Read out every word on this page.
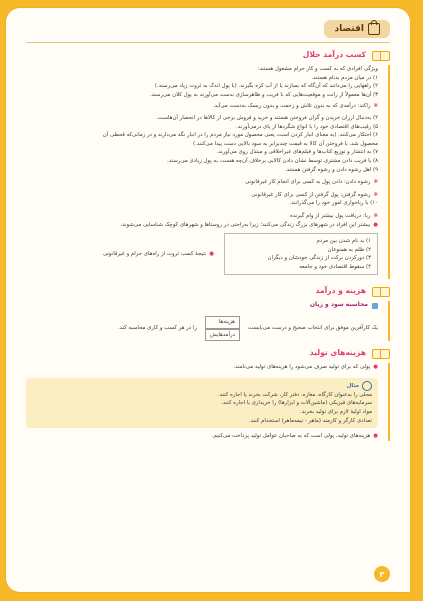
اقتصاد
کسب درآمد حلال
ویژگی افرادی که به کسب و کار حرام مشغول هستند:
۱) در میان مردم بدنام هستند.
۲) راههایی را می‌دانند که آن‌گاه که بسازند یا از آب کره بگیرند. (با پول اندک به ثروت زیاد می‌رسند.)
۳) آن‌ها معمولاً از رانت و موقعیت‌هایی که با فریب و ظاهرسازی بدست می‌آورند به پول کلان می‌رسند.
❋راکتد: درآمدی که به بدون تلاش و زحمت و بدون ریسک به‌دست می‌آید.
۴) به‌دنبال ارزان خریدن و گران فروختن هستند و خرید و فروش برخی از کالاها در انحصار آن‌هاست.
۵) رقیب‌های اقتصادی خود را با انواع شگردها از پای درمی‌آورند.
۶) احتکار می‌کنند. (به معنای انبار کردن است، یعنی محصول مورد نیاز مردم را در انبار نگه می‌دارند و در زمانی‌که قحطی آن
محصول شد، با فروختن آن کالا به قیمت چندبرابر به سود بالایی دست پیدا می‌کنند.)
۷) به انتشار و توزیع کتاب‌ها و فیلم‌های غیراخلاقی و مبتذل روی می‌آورند.
۸) با فریب دادن مشتری توسط نشان دادن کالایی برخلاف آن‌چه هست، به پول زیادی می‌رسند.
۹) اهل رشوه دادن و رشوه گرفتن هستند.
❋رشوه دادن: دادن پول به کسی برای انجام کار غیرقانونی
❋رشوه گرفتن: پول گرفتن از کسی برای کار غیرقانونی
۱۰) با رباخواری امور خود را می‌گذرانند.
❋ربا: دریافت پول بیشتر از وام گیرنده
●بیشتر این افراد در شهرهای بزرگ زندگی می‌کنند؛ زیرا به‌راحتی در روستاها و شهرهای کوچک شناسایی می‌شوند.
۱) بد نام شدن بین مردم
۲) ظلم به همنوعان
۳) دورکردن برکت از زندگی خودشان و دیگران
۴) سقوط اقتصادی خود و جامعه
●نتیجهٔ کسب ثروت از راه‌های حرام و غیرقانونی
هزینه و درآمد
محاسبه سود و زیان
یک کارآفرین موفق برای انتخاب صحیح و درست می‌بایست
هزینه‌ها
درآمدهایش
را در هر کسب و کاری محاسبه کند.
هزینه‌های تولید
●پولی که برای تولید صرف می‌شود را هزینه‌های تولید می‌نامند.
مثال
محلی را به‌عنوان کارگاه، مغازه، دفتر کار، شرکت بخرند یا اجاره کنند.
سرمایه‌های فیزیکی (ماشین‌آلات و ابزارها) را خریداری یا اجاره کنند.
مواد اولیهٔ لازم برای تولید بخرند.
تعدادی کارگر و کارمند (ماهر - نیمه‌ماهر) استخدام کنند.
●هزینه‌های تولید، پولی است که به صاحبان عوامل تولید پرداخت می‌کنیم.
۳
